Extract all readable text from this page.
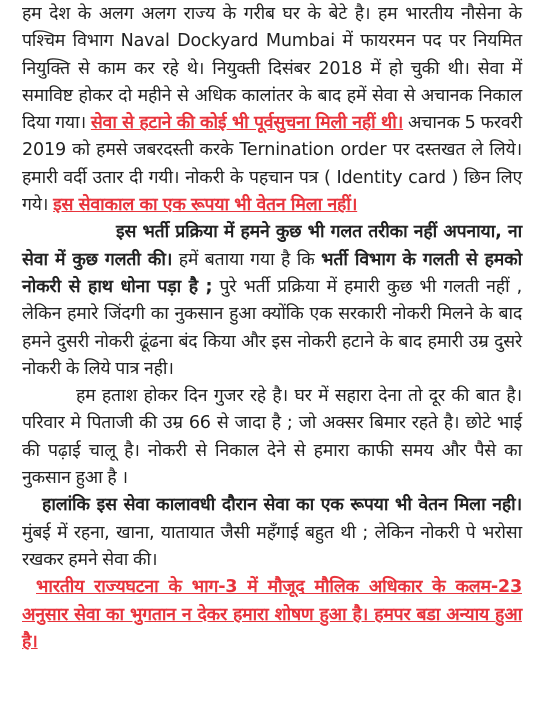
हम देश के अलग अलग राज्य के गरीब घर के बेटे है। हम भारतीय नौसेना के पश्चिम विभाग Naval Dockyard Mumbai में फायरमन पद पर नियमित नियुक्ति से काम कर रहे थे। नियुक्ती दिसंबर 2018 में हो चुकी थी। सेवा में समाविष्ट होकर दो महीने से अधिक कालांतर के बाद हमें सेवा से अचानक निकाल दिया गया। सेवा से हटाने की कोई भी पूर्वसुचना मिली नहीं थी। अचानक 5 फरवरी 2019 को हमसे जबरदस्ती करके Ternination order पर दस्तखत ले लिये। हमारी वर्दी उतार दी गयी। नोकरी के पहचान पत्र ( Identity card ) छिन लिए गये। इस सेवाकाल का एक रूपया भी वेतन मिला नहीं।

इस भर्ती प्रक्रिया में हमने कुछ भी गलत तरीका नहीं अपनाया, ना सेवा में कुछ गलती की। हमें बताया गया है कि भर्ती विभाग के गलती से हमको नोकरी से हाथ धोना पड़ा है ; पुरे भर्ती प्रक्रिया में हमारी कुछ भी गलती नहीं , लेकिन हमारे जिंदगी का नुकसान हुआ क्योंकि एक सरकारी नोकरी मिलने के बाद हमने दुसरी नोकरी ढूंढना बंद किया और इस नोकरी हटाने के बाद हमारी उम्र दुसरे नोकरी के लिये पात्र नही।

हम हताश होकर दिन गुजर रहे है। घर में सहारा देना तो दूर की बात है। परिवार मे पिताजी की उम्र 66 से जादा है ; जो अक्सर बिमार रहते है। छोटे भाई की पढ़ाई चालू है। नोकरी से निकाल देने से हमारा काफी समय और पैसे का नुकसान हुआ है ।

हालांकि इस सेवा कालावधी दौरान सेवा का एक रूपया भी वेतन मिला नही। मुंबई में रहना, खाना, यातायात जैसी महँगाई बहुत थी ; लेकिन नोकरी पे भरोसा रखकर हमने सेवा की।

भारतीय राज्यघटना के भाग-3 में मौजूद मौलिक अधिकार के कलम-23 अनुसार सेवा का भुगतान न देकर हमारा शोषण हुआ है। हमपर बडा अन्याय हुआ है।
